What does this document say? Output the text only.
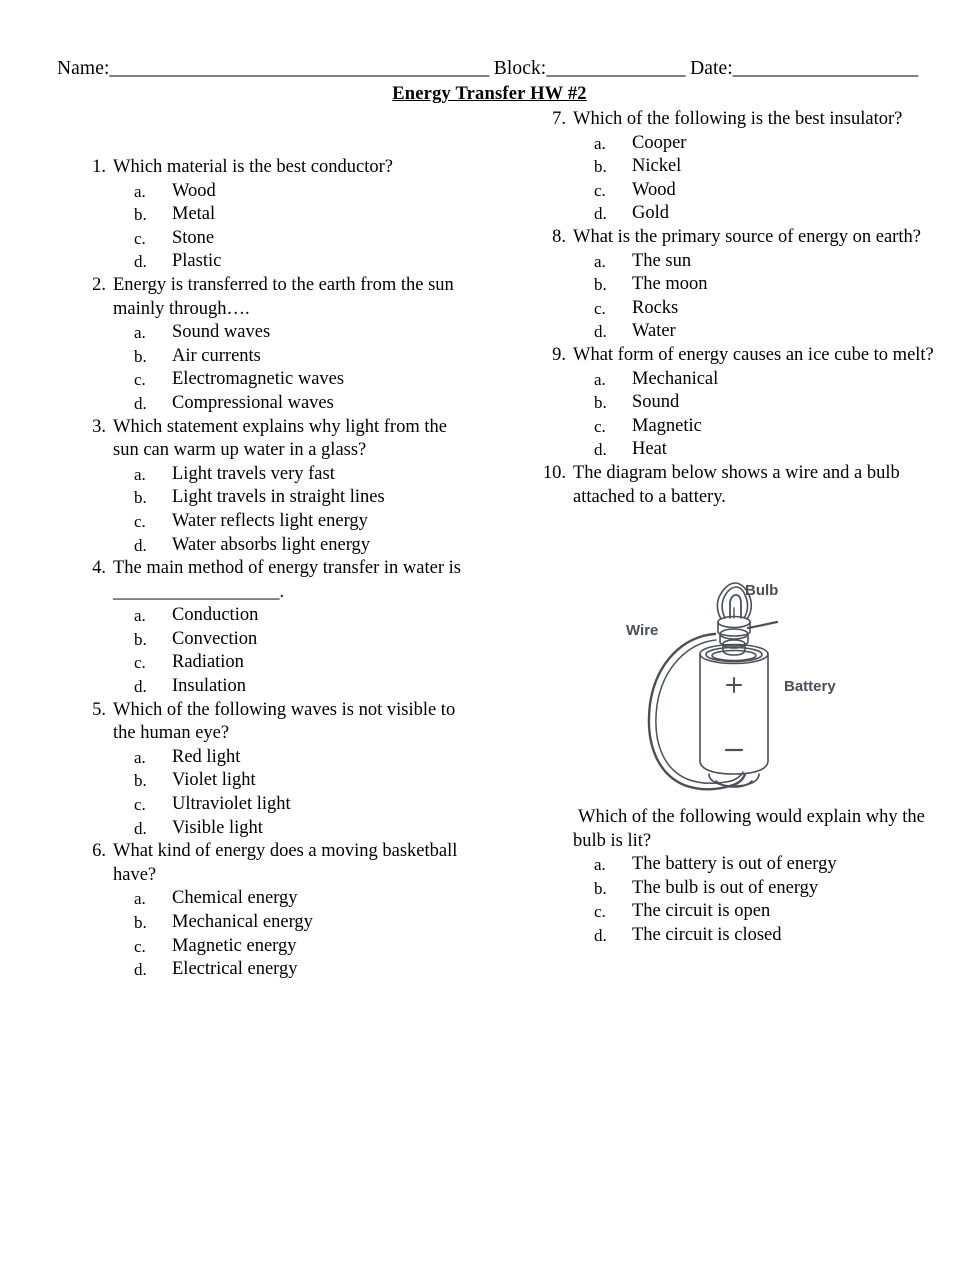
Name:_________________________________________ Block:_______________ Date:____________________
Energy Transfer HW #2
1. Which material is the best conductor?
a.	Wood
b.	Metal
c.	Stone
d.	Plastic
2. Energy is transferred to the earth from the sun mainly through….
a.	Sound waves
b.	Air currents
c.	Electromagnetic waves
d.	Compressional waves
3. Which statement explains why light from the sun can warm up water in a glass?
a.	Light travels very fast
b.	Light travels in straight lines
c.	Water reflects light energy
d.	Water absorbs light energy
4. The main method of energy transfer in water is __________________.
a.	Conduction
b.	Convection
c.	Radiation
d.	Insulation
5. Which of the following waves is not visible to the human eye?
a.	Red light
b.	Violet light
c.	Ultraviolet light
d.	Visible light
6. What kind of energy does a moving basketball have?
a.	Chemical energy
b.	Mechanical energy
c.	Magnetic energy
d.	Electrical energy
7. Which of the following is the best insulator?
a.	Cooper
b.	Nickel
c.	Wood
d.	Gold
8. What is the primary source of energy on earth?
a.	The sun
b.	The moon
c.	Rocks
d.	Water
9. What form of energy causes an ice cube to melt?
a.	Mechanical
b.	Sound
c.	Magnetic
d.	Heat
10. The diagram below shows a wire and a bulb attached to a battery.
Bulb
Wire
Battery
Which of the following would explain why the bulb is lit?
a.	The battery is out of energy
b.	The bulb is out of energy
c.	The circuit is open
d.	The circuit is closed
